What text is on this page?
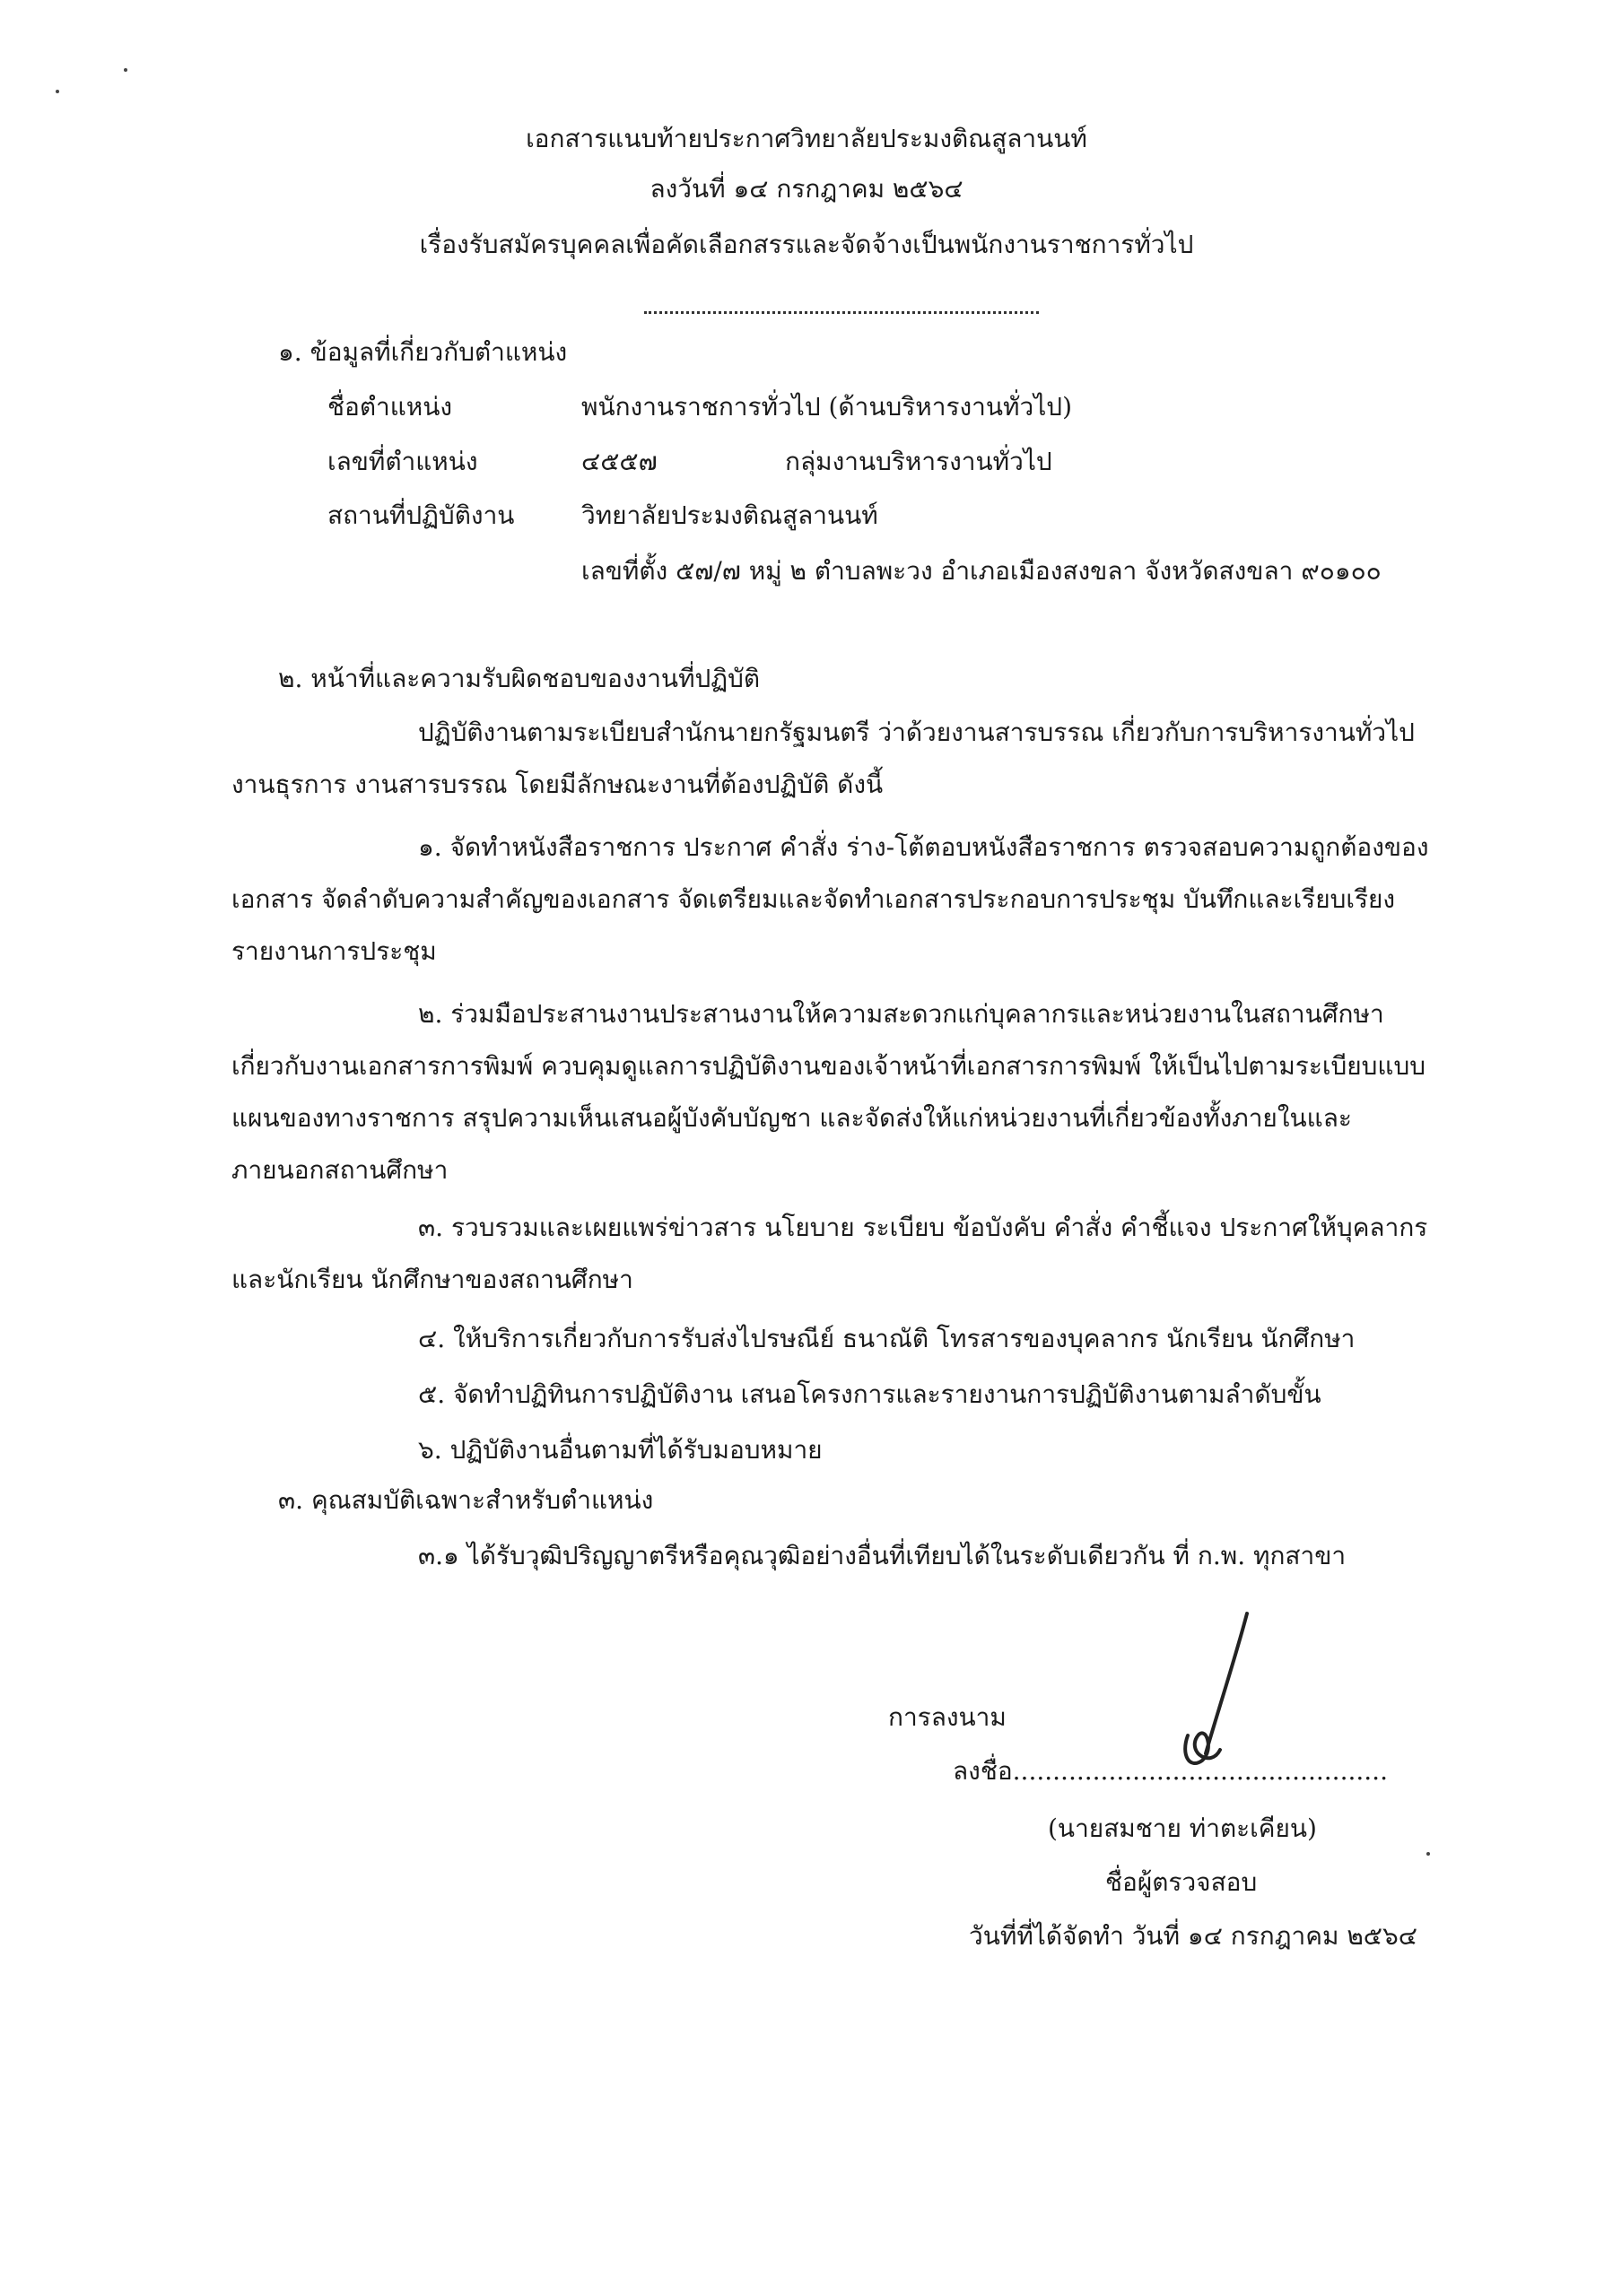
เอกสารแนบท้ายประกาศวิทยาลัยประมงติณสูลานนท์
ลงวันที่ ๑๔ กรกฎาคม ๒๕๖๔
เรื่องรับสมัครบุคคลเพื่อคัดเลือกสรรและจัดจ้างเป็นพนักงานราชการทั่วไป
๑. ข้อมูลที่เกี่ยวกับตำแหน่ง
ชื่อตำแหน่ง	พนักงานราชการทั่วไป (ด้านบริหารงานทั่วไป)
เลขที่ตำแหน่ง	๔๕๕๗	กลุ่มงานบริหารงานทั่วไป
สถานที่ปฏิบัติงาน	วิทยาลัยประมงติณสูลานนท์
เลขที่ตั้ง ๕๗/๗ หมู่ ๒ ตำบลพะวง อำเภอเมืองสงขลา จังหวัดสงขลา ๙๐๑๐๐
๒. หน้าที่และความรับผิดชอบของงานที่ปฏิบัติ
ปฏิบัติงานตามระเบียบสำนักนายกรัฐมนตรี ว่าด้วยงานสารบรรณ เกี่ยวกับการบริหารงานทั่วไป
งานธุรการ งานสารบรรณ โดยมีลักษณะงานที่ต้องปฏิบัติ ดังนี้
๑. จัดทำหนังสือราชการ ประกาศ คำสั่ง ร่าง-โต้ตอบหนังสือราชการ ตรวจสอบความถูกต้องของ
เอกสาร จัดลำดับความสำคัญของเอกสาร จัดเตรียมและจัดทำเอกสารประกอบการประชุม บันทึกและเรียบเรียง
รายงานการประชุม
๒. ร่วมมือประสานงานประสานงานให้ความสะดวกแก่บุคลากรและหน่วยงานในสถานศึกษา
เกี่ยวกับงานเอกสารการพิมพ์ ควบคุมดูแลการปฏิบัติงานของเจ้าหน้าที่เอกสารการพิมพ์ ให้เป็นไปตามระเบียบแบบ
แผนของทางราชการ สรุปความเห็นเสนอผู้บังคับบัญชา และจัดส่งให้แก่หน่วยงานที่เกี่ยวข้องทั้งภายในและ
ภายนอกสถานศึกษา
๓. รวบรวมและเผยแพร่ข่าวสาร นโยบาย ระเบียบ ข้อบังคับ คำสั่ง คำชี้แจง ประกาศให้บุคลากร
และนักเรียน นักศึกษาของสถานศึกษา
๔. ให้บริการเกี่ยวกับการรับส่งไปรษณีย์ ธนาณัติ โทรสารของบุคลากร นักเรียน นักศึกษา
๕. จัดทำปฏิทินการปฏิบัติงาน เสนอโครงการและรายงานการปฏิบัติงานตามลำดับขั้น
๖. ปฏิบัติงานอื่นตามที่ได้รับมอบหมาย
๓. คุณสมบัติเฉพาะสำหรับตำแหน่ง
๓.๑ ได้รับวุฒิปริญญาตรีหรือคุณวุฒิอย่างอื่นที่เทียบได้ในระดับเดียวกัน ที่ ก.พ. ทุกสาขา
การลงนาม
ลงชื่อ...............................................
(นายสมชาย ท่าตะเคียน)
ชื่อผู้ตรวจสอบ
วันที่ที่ได้จัดทำ วันที่ ๑๔ กรกฎาคม ๒๕๖๔
